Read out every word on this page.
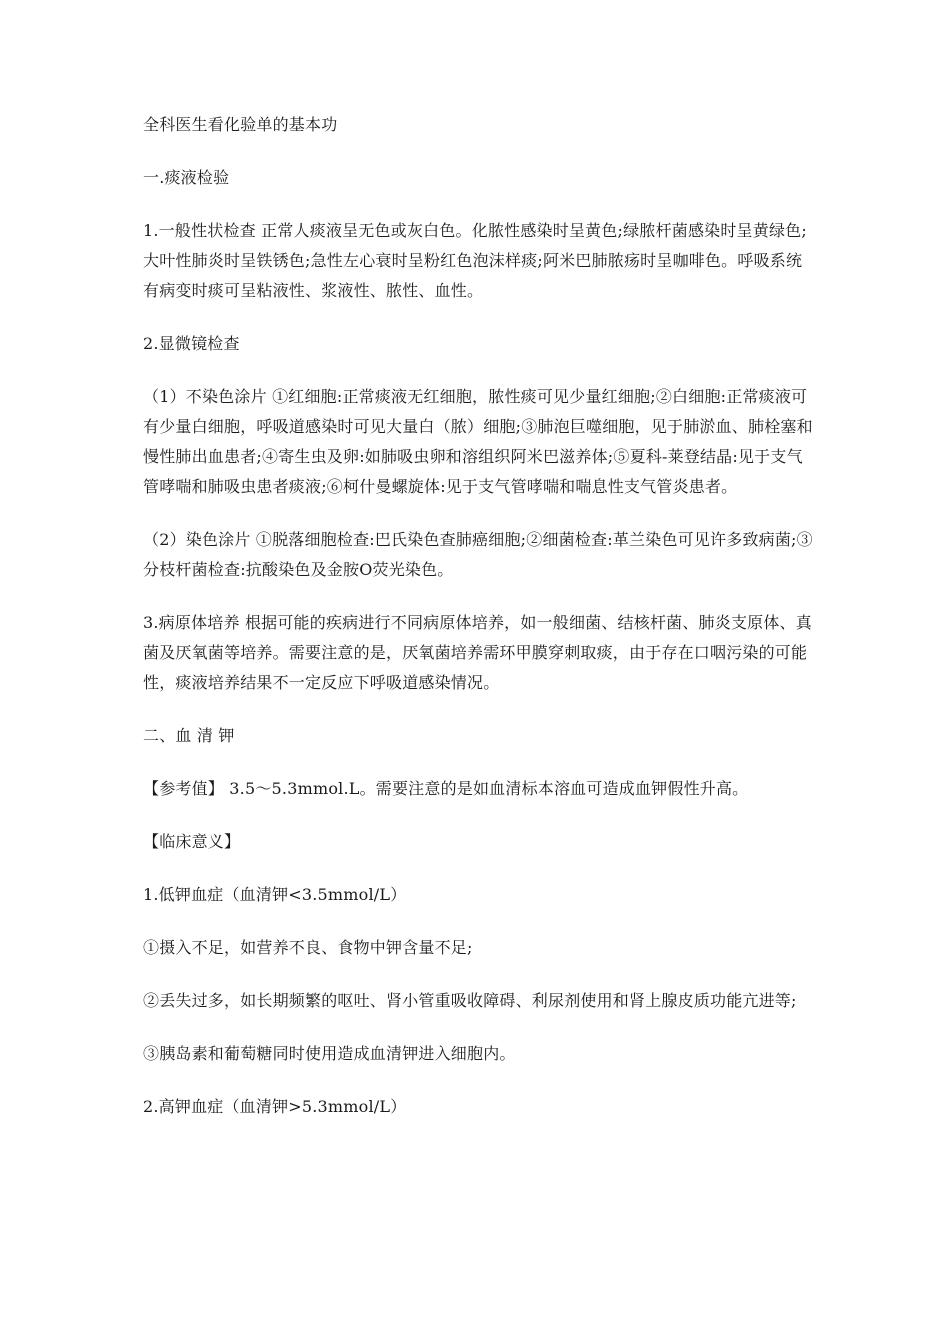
全科医生看化验单的基本功

一.痰液检验

1.一般性状检查 正常人痰液呈无色或灰白色。化脓性感染时呈黄色;绿脓杆菌感染时呈黄绿色;大叶性肺炎时呈铁锈色;急性左心衰时呈粉红色泡沫样痰;阿米巴肺脓疡时呈咖啡色。呼吸系统有病变时痰可呈粘液性、浆液性、脓性、血性。

2.显微镜检查

（1）不染色涂片 ①红细胞:正常痰液无红细胞，脓性痰可见少量红细胞;②白细胞:正常痰液可有少量白细胞，呼吸道感染时可见大量白（脓）细胞;③肺泡巨噬细胞，见于肺淤血、肺栓塞和慢性肺出血患者;④寄生虫及卵:如肺吸虫卵和溶组织阿米巴滋养体;⑤夏科-莱登结晶:见于支气管哮喘和肺吸虫患者痰液;⑥柯什曼螺旋体:见于支气管哮喘和喘息性支气管炎患者。

（2）染色涂片 ①脱落细胞检查:巴氏染色查肺癌细胞;②细菌检查:革兰染色可见许多致病菌;③分枝杆菌检查:抗酸染色及金胺O荧光染色。

3.病原体培养 根据可能的疾病进行不同病原体培养，如一般细菌、结核杆菌、肺炎支原体、真菌及厌氧菌等培养。需要注意的是，厌氧菌培养需环甲膜穿刺取痰，由于存在口咽污染的可能性，痰液培养结果不一定反应下呼吸道感染情况。

二、血 清 钾

【参考值】 3.5～5.3mmol.L。需要注意的是如血清标本溶血可造成血钾假性升高。

【临床意义】

1.低钾血症（血清钾<3.5mmol/L）

①摄入不足，如营养不良、食物中钾含量不足;

②丢失过多，如长期频繁的呕吐、肾小管重吸收障碍、利尿剂使用和肾上腺皮质功能亢进等;

③胰岛素和葡萄糖同时使用造成血清钾进入细胞内。

2.高钾血症（血清钾>5.3mmol/L）
